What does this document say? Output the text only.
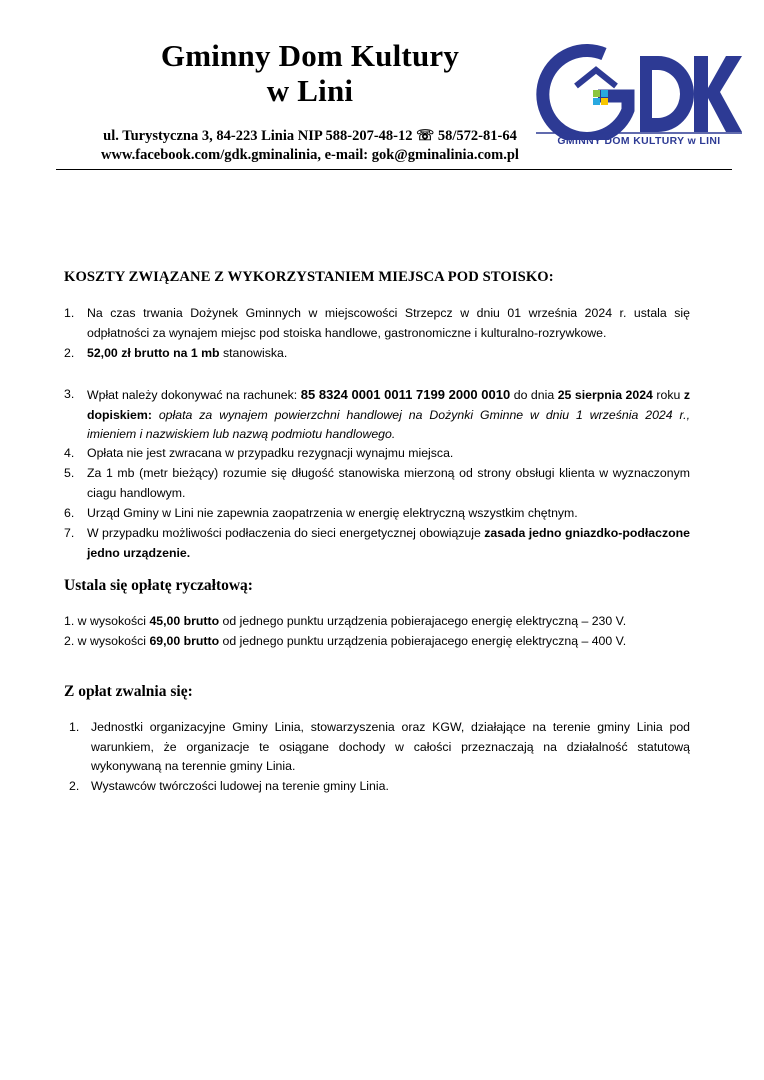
Gminny Dom Kultury
w Lini
ul. Turystyczna 3, 84-223 Linia NIP 588-207-48-12 ☏ 58/572-81-64
www.facebook.com/gdk.gminalinia, e-mail: gok@gminalinia.com.pl
GMINNY DOM KULTURY w LINI
KOSZTY ZWIĄZANE Z WYKORZYSTANIEM MIEJSCA POD STOISKO:
1. Na czas trwania Dożynek Gminnych w miejscowości Strzepcz w dniu 01 września 2024 r. ustala się odpłatności za wynajem miejsc pod stoiska handlowe, gastronomiczne i kulturalno-rozrywkowe.
2. 52,00 zł brutto na 1 mb stanowiska.
3. Wpłat należy dokonywać na rachunek: 85 8324 0001 0011 7199 2000 0010 do dnia 25 sierpnia 2024 roku z dopiskiem: opłata za wynajem powierzchni handlowej na Dożynki Gminne w dniu 1 września 2024 r., imieniem i nazwiskiem lub nazwą podmiotu handlowego.
4. Opłata nie jest zwracana w przypadku rezygnacji wynajmu miejsca.
5. Za 1 mb (metr bieżący) rozumie się długość stanowiska mierzoną od strony obsługi klienta w wyznaczonym ciagu handlowym.
6. Urząd Gminy w Lini nie zapewnia zaopatrzenia w energię elektryczną wszystkim chętnym.
7. W przypadku możliwości podłaczenia do sieci energetycznej obowiązuje zasada jedno gniazdko-podłaczone jedno urządzenie.
Ustala się opłatę ryczałtową:
1. w wysokości 45,00 brutto od jednego punktu urządzenia pobierajacego energię elektryczną – 230 V.
2. w wysokości 69,00 brutto od jednego punktu urządzenia pobierajacego energię elektryczną – 400 V.
Z opłat zwalnia się:
1. Jednostki organizacyjne Gminy Linia, stowarzyszenia oraz KGW, działające na terenie gminy Linia pod warunkiem, że organizacje te osiągane dochody w całości przeznaczają na działalność statutową wykonywaną na terennie gminy Linia.
2. Wystawców twórczości ludowej na terenie gminy Linia.
